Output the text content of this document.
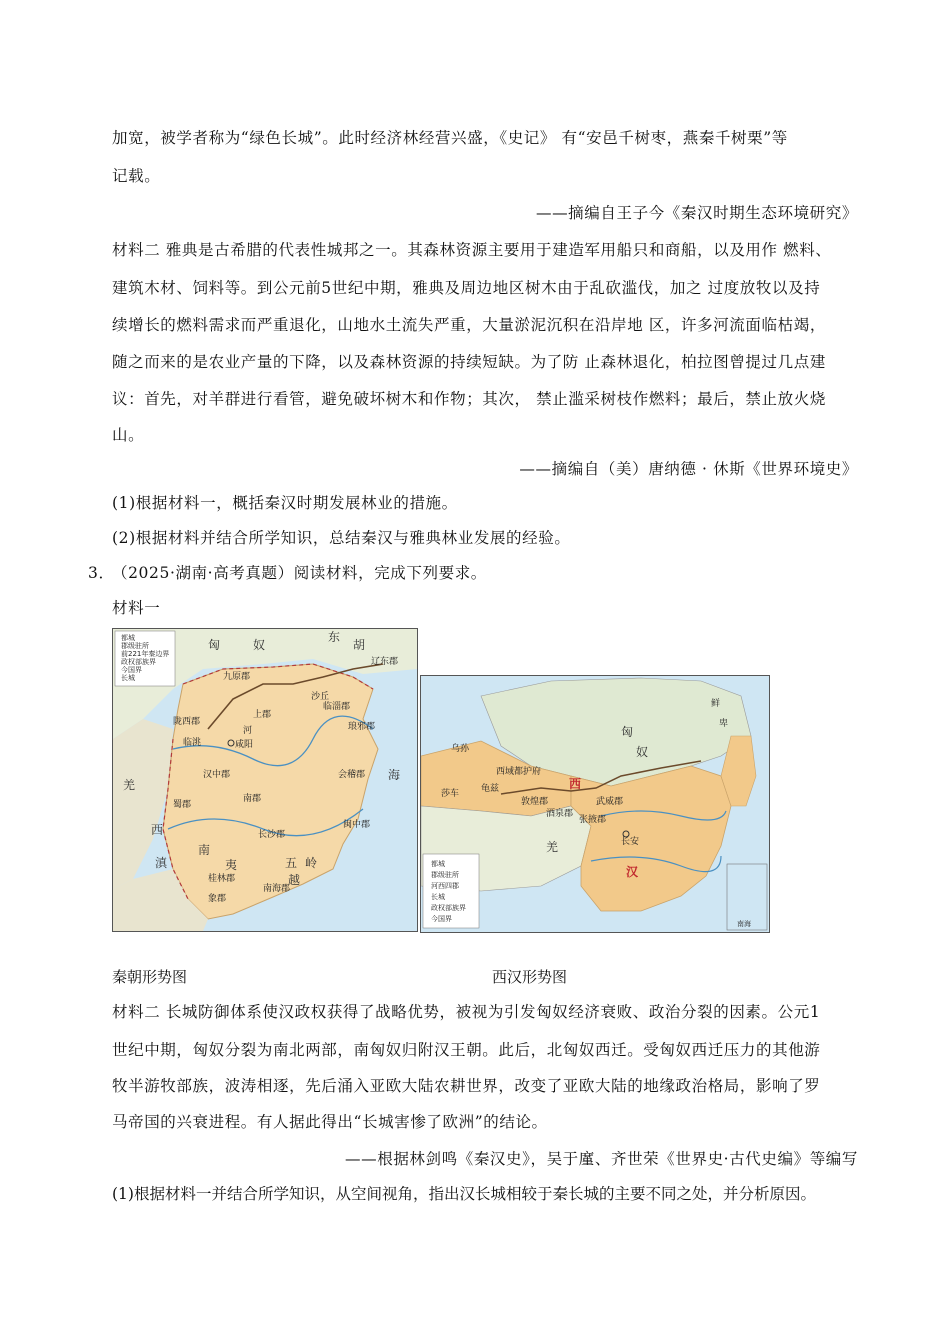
加宽，被学者称为“绿色长城”。此时经济林经营兴盛，《史记》 有“安邑千树枣，燕秦千树栗”等
记载。
——摘编自王子今《秦汉时期生态环境研究》
材料二 雅典是古希腊的代表性城邦之一。其森林资源主要用于建造军用船只和商船，以及用作 燃料、
建筑木材、饲料等。到公元前5世纪中期，雅典及周边地区树木由于乱砍滥伐，加之 过度放牧以及持
续增长的燃料需求而严重退化，山地水土流失严重，大量淤泥沉积在沿岸地 区，许多河流面临枯竭，
随之而来的是农业产量的下降，以及森林资源的持续短缺。为了防 止森林退化，柏拉图曾提过几点建
议：首先，对羊群进行看管，避免破坏树木和作物；其次， 禁止滥采树枝作燃料；最后，禁止放火烧
山。
——摘编自（美）唐纳德 · 休斯《世界环境史》
(1)根据材料一，概括秦汉时期发展林业的措施。
(2)根据材料并结合所学知识，总结秦汉与雅典林业发展的经验。
3．
（2025·湖南·高考真题）阅读材料，完成下列要求。
材料一
都城
郡级驻所
前221年秦边界
政权部族界
今国界
长城
匈	奴
东
胡
九原郡
辽东郡
陇西郡
咸阳
临洮
上郡
临淄郡
琅邪郡
汉中郡	会稽郡
蜀郡
南郡
长沙郡
闽中郡
羌
西
南
夷
滇
越
桂林郡
象郡
南海郡
五 岭
沙丘
河
海
都城
郡级驻所
河西四郡
长城
政权部族界
今国界
南海
匈
奴
鲜
卑
西域都护府
敦煌郡
酒泉郡
张掖郡
武威郡
长安
羌
西
汉
乌孙
龟兹
莎车
秦朝形势图	西汉形势图
材料二 长城防御体系使汉政权获得了战略优势，被视为引发匈奴经济衰败、政治分裂的因素。公元1
世纪中期，匈奴分裂为南北两部，南匈奴归附汉王朝。此后，北匈奴西迁。受匈奴西迁压力的其他游
牧半游牧部族，波涛相逐，先后涌入亚欧大陆农耕世界，改变了亚欧大陆的地缘政治格局，影响了罗
马帝国的兴衰进程。有人据此得出“长城害惨了欧洲”的结论。
——根据林剑鸣《秦汉史》，吴于廑、齐世荣《世界史·古代史编》等编写
(1)根据材料一并结合所学知识，从空间视角，指出汉长城相较于秦长城的主要不同之处，并分析原因。
